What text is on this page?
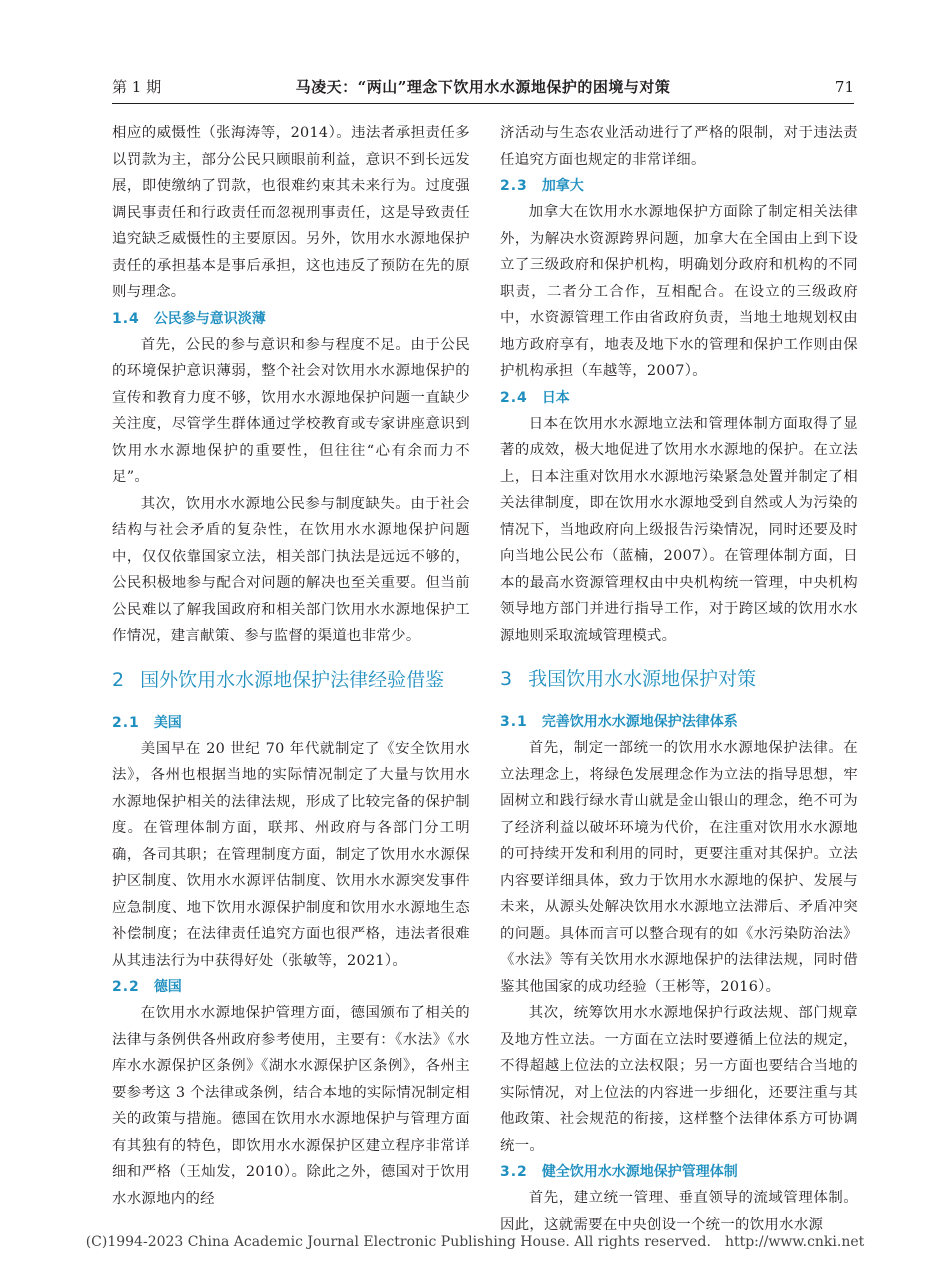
第 1 期	马凌天：“两山”理念下饮用水水源地保护的困境与对策	71

相应的威慑性（张海涛等，2014）。违法者承担责任多以罚款为主，部分公民只顾眼前利益，意识不到长远发展，即使缴纳了罚款，也很难约束其未来行为。过度强调民事责任和行政责任而忽视刑事责任，这是导致责任追究缺乏威慑性的主要原因。另外，饮用水水源地保护责任的承担基本是事后承担，这也违反了预防在先的原则与理念。

1.4 公民参与意识淡薄

首先，公民的参与意识和参与程度不足。由于公民的环境保护意识薄弱，整个社会对饮用水水源地保护的宣传和教育力度不够，饮用水水源地保护问题一直缺少关注度，尽管学生群体通过学校教育或专家讲座意识到饮用水水源地保护的重要性，但往往“心有余而力不足”。

其次，饮用水水源地公民参与制度缺失。由于社会结构与社会矛盾的复杂性，在饮用水水源地保护问题中，仅仅依靠国家立法，相关部门执法是远远不够的，公民积极地参与配合对问题的解决也至关重要。但当前公民难以了解我国政府和相关部门饮用水水源地保护工作情况，建言献策、参与监督的渠道也非常少。

2 国外饮用水水源地保护法律经验借鉴
2.1 美国

美国早在 20 世纪 70 年代就制定了《安全饮用水法》，各州也根据当地的实际情况制定了大量与饮用水水源地保护相关的法律法规，形成了比较完备的保护制度。在管理体制方面，联邦、州政府与各部门分工明确，各司其职；在管理制度方面，制定了饮用水水源保护区制度、饮用水水源评估制度、饮用水水源突发事件应急制度、地下饮用水源保护制度和饮用水水源地生态补偿制度；在法律责任追究方面也很严格，违法者很难从其违法行为中获得好处（张敏等，2021）。

2.2 德国

在饮用水水源地保护管理方面，德国颁布了相关的法律与条例供各州政府参考使用，主要有：《水法》《水库水水源保护区条例》《湖水水源保护区条例》，各州主要参考这 3 个法律或条例，结合本地的实际情况制定相关的政策与措施。德国在饮用水水源地保护与管理方面有其独有的特色，即饮用水水源保护区建立程序非常详细和严格（王灿发，2010）。除此之外，德国对于饮用水水源地内的经

济活动与生态农业活动进行了严格的限制，对于违法责任追究方面也规定的非常详细。

2.3 加拿大

加拿大在饮用水水源地保护方面除了制定相关法律外，为解决水资源跨界问题，加拿大在全国由上到下设立了三级政府和保护机构，明确划分政府和机构的不同职责，二者分工合作，互相配合。在设立的三级政府中，水资源管理工作由省政府负责，当地土地规划权由地方政府享有，地表及地下水的管理和保护工作则由保护机构承担（车越等，2007）。

2.4 日本

日本在饮用水水源地立法和管理体制方面取得了显著的成效，极大地促进了饮用水水源地的保护。在立法上，日本注重对饮用水水源地污染紧急处置并制定了相关法律制度，即在饮用水水源地受到自然或人为污染的情况下，当地政府向上级报告污染情况，同时还要及时向当地公民公布（蓝楠，2007）。在管理体制方面，日本的最高水资源管理权由中央机构统一管理，中央机构领导地方部门并进行指导工作，对于跨区域的饮用水水源地则采取流域管理模式。

3 我国饮用水水源地保护对策
3.1 完善饮用水水源地保护法律体系

首先，制定一部统一的饮用水水源地保护法律。在立法理念上，将绿色发展理念作为立法的指导思想，牢固树立和践行绿水青山就是金山银山的理念，绝不可为了经济利益以破坏环境为代价，在注重对饮用水水源地的可持续开发和利用的同时，更要注重对其保护。立法内容要详细具体，致力于饮用水水源地的保护、发展与未来，从源头处解决饮用水水源地立法滞后、矛盾冲突的问题。具体而言可以整合现有的如《水污染防治法》《水法》等有关饮用水水源地保护的法律法规，同时借鉴其他国家的成功经验（王彬等，2016）。

其次，统筹饮用水水源地保护行政法规、部门规章及地方性立法。一方面在立法时要遵循上位法的规定，不得超越上位法的立法权限；另一方面也要结合当地的实际情况，对上位法的内容进一步细化，还要注重与其他政策、社会规范的衔接，这样整个法律体系方可协调统一。

3.2 健全饮用水水源地保护管理体制

首先，建立统一管理、垂直领导的流域管理体制。因此，这就需要在中央创设一个统一的饮用水水源

(C)1994-2023 China Academic Journal Electronic Publishing House. All rights reserved. http://www.cnki.net
